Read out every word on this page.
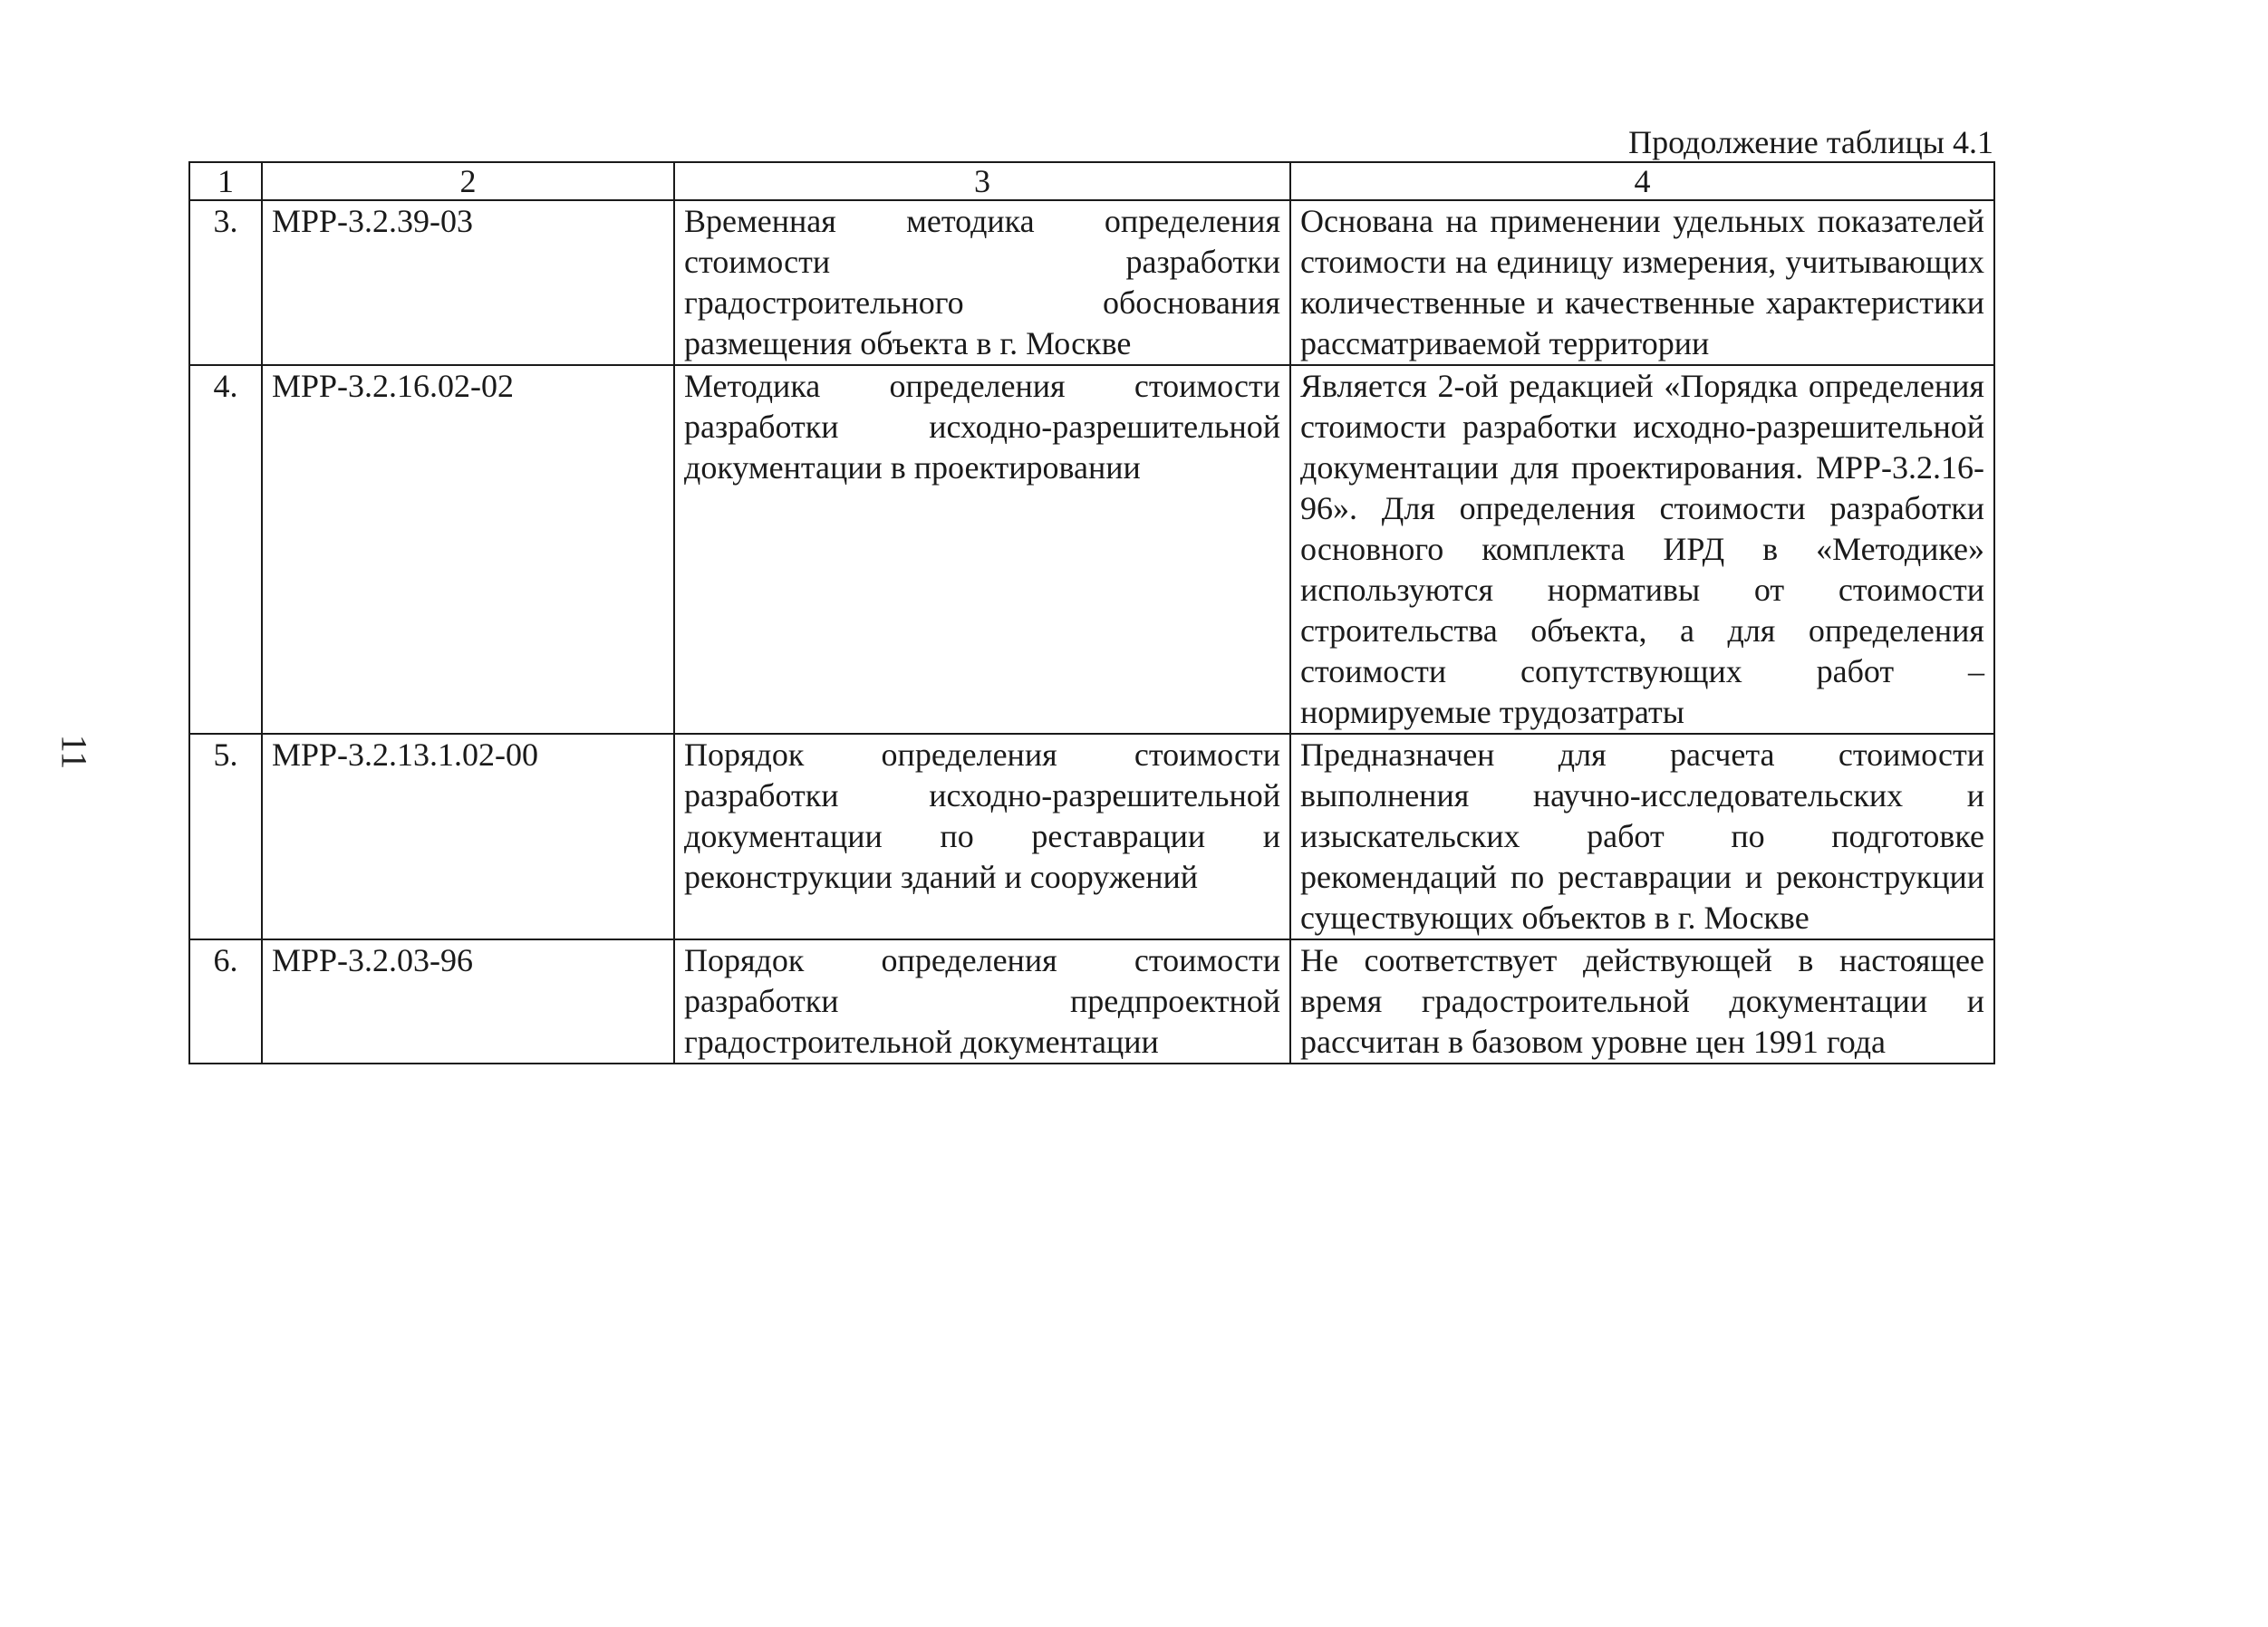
11
Продолжение таблицы 4.1
1	2	3	4
3.	МРР-3.2.39-03	Временная методика определения стоимости разработки градостроительного обоснования размещения объекта в г. Москве	Основана на применении удельных показателей стоимости на единицу измерения, учитывающих количественные и качественные характеристики рассматриваемой территории
4.	МРР-3.2.16.02-02	Методика определения стоимости разработки исходно-разрешительной документации в проектировании	Является 2-ой редакцией «Порядка определения стоимости разработки исходно-разрешительной документации для проектирования. МРР-3.2.16-96». Для определения стоимости разработки основного комплекта ИРД в «Методике» используются нормативы от стоимости строительства объекта, а для определения стоимости сопутствующих работ – нормируемые трудозатраты
5.	МРР-3.2.13.1.02-00	Порядок определения стоимости разработки исходно-разрешительной документации по реставрации и реконструкции зданий и сооружений	Предназначен для расчета стоимости выполнения научно-исследовательских и изыскательских работ по подготовке рекомендаций по реставрации и реконструкции существующих объектов в г. Москве
6.	МРР-3.2.03-96	Порядок определения стоимости разработки предпроектной градостроительной документации	Не соответствует действующей в настоящее время градостроительной документации и рассчитан в базовом уровне цен 1991 года
